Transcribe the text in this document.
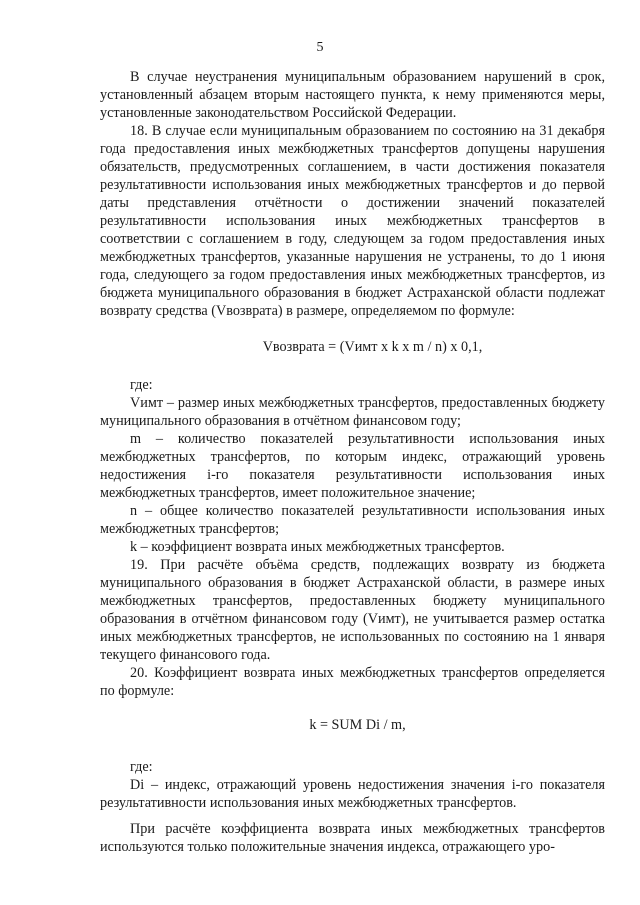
5

В случае неустранения муниципальным образованием нарушений в срок, установленный абзацем вторым настоящего пункта, к нему применяются меры, установленные законодательством Российской Федерации.

18. В случае если муниципальным образованием по состоянию на 31 декабря года предоставления иных межбюджетных трансфертов допущены нарушения обязательств, предусмотренных соглашением, в части достижения показателя результативности использования иных межбюджетных трансфертов и до первой даты представления отчётности о достижении значений показателей результативности использования иных межбюджетных трансфертов в соответствии с соглашением в году, следующем за годом предоставления иных межбюджетных трансфертов, указанные нарушения не устранены, то до 1 июня года, следующего за годом предоставления иных межбюджетных трансфертов, из бюджета муниципального образования в бюджет Астраханской области подлежат возврату средства (Vвозврата) в размере, определяемом по формуле:

Vвозврата = (Vимт x k x m / n) x 0,1,

где:

Vимт – размер иных межбюджетных трансфертов, предоставленных бюджету муниципального образования в отчётном финансовом году;

m – количество показателей результативности использования иных межбюджетных трансфертов, по которым индекс, отражающий уровень недостижения i-го показателя результативности использования иных межбюджетных трансфертов, имеет положительное значение;

n – общее количество показателей результативности использования иных межбюджетных трансфертов;

k – коэффициент возврата иных межбюджетных трансфертов.

19. При расчёте объёма средств, подлежащих возврату из бюджета муниципального образования в бюджет Астраханской области, в размере иных межбюджетных трансфертов, предоставленных бюджету муниципального образования в отчётном финансовом году (Vимт), не учитывается размер остатка иных межбюджетных трансфертов, не использованных по состоянию на 1 января текущего финансового года.

20. Коэффициент возврата иных межбюджетных трансфертов определяется по формуле:

k = SUM Di / m,

где:

Di – индекс, отражающий уровень недостижения значения i-го показателя результативности использования иных межбюджетных трансфертов.

При расчёте коэффициента возврата иных межбюджетных трансфертов используются только положительные значения индекса, отражающего уро-
